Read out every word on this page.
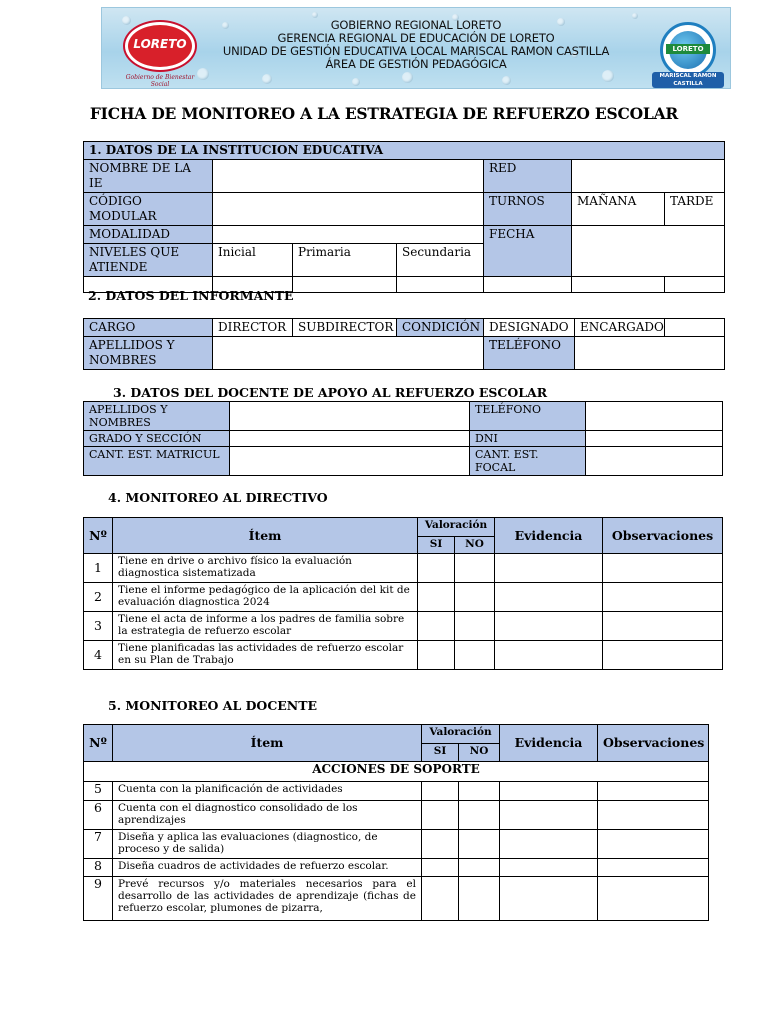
LORETO
Gobierno de Bienestar Social
GOBIERNO REGIONAL LORETO
GERENCIA REGIONAL DE EDUCACIÓN DE LORETO
UNIDAD DE GESTIÓN EDUCATIVA LOCAL MARISCAL RAMON CASTILLA
ÁREA DE GESTIÓN PEDAGÓGICA
LORETO
MARISCAL RAMON CASTILLA
FICHA DE MONITOREO A LA ESTRATEGIA DE REFUERZO ESCOLAR
1. DATOS DE LA INSTITUCION EDUCATIVA						
NOMBRE DE LA IE				RED		
CÓDIGO MODULAR				TURNOS	MAÑANA	TARDE
MODALIDAD				FECHA		
NIVELES QUE ATIENDE	Inicial	Primaria	Secundaria			

2. DATOS DEL INFORMANTE
CARGO	DIRECTOR	SUBDIRECTOR	CONDICIÓN	DESIGNADO	ENCARGADO	
APELLIDOS Y NOMBRES				TELÉFONO		
3. DATOS DEL DOCENTE DE APOYO AL REFUERZO ESCOLAR
APELLIDOS Y NOMBRES		TELÉFONO	
GRADO Y SECCIÓN		DNI	
CANT. EST. MATRICUL		CANT. EST. FOCAL	
4. MONITOREO AL DIRECTIVO
Nº	Ítem	Valoración		Evidencia	Observaciones
		SI	NO		
1	Tiene en drive o archivo físico la evaluación diagnostica sistematizada				
2	Tiene el informe pedagógico de la aplicación del kit de evaluación diagnostica 2024				
3	Tiene el acta de informe a los padres de familia sobre la estrategia de refuerzo escolar				
4	Tiene planificadas las actividades de refuerzo escolar en su Plan de Trabajo				
5. MONITOREO AL DOCENTE
Nº	Ítem	Valoración		Evidencia	Observaciones
		SI	NO		
ACCIONES DE SOPORTE					
5	Cuenta con la planificación de actividades				
6	Cuenta con el diagnostico consolidado de los aprendizajes				
7	Diseña y aplica las evaluaciones (diagnostico, de proceso y de salida)				
8	Diseña cuadros de actividades de refuerzo escolar.				
9	Prevé recursos y/o materiales necesarios para el desarrollo de las actividades de aprendizaje (fichas de refuerzo escolar, plumones de pizarra,				
